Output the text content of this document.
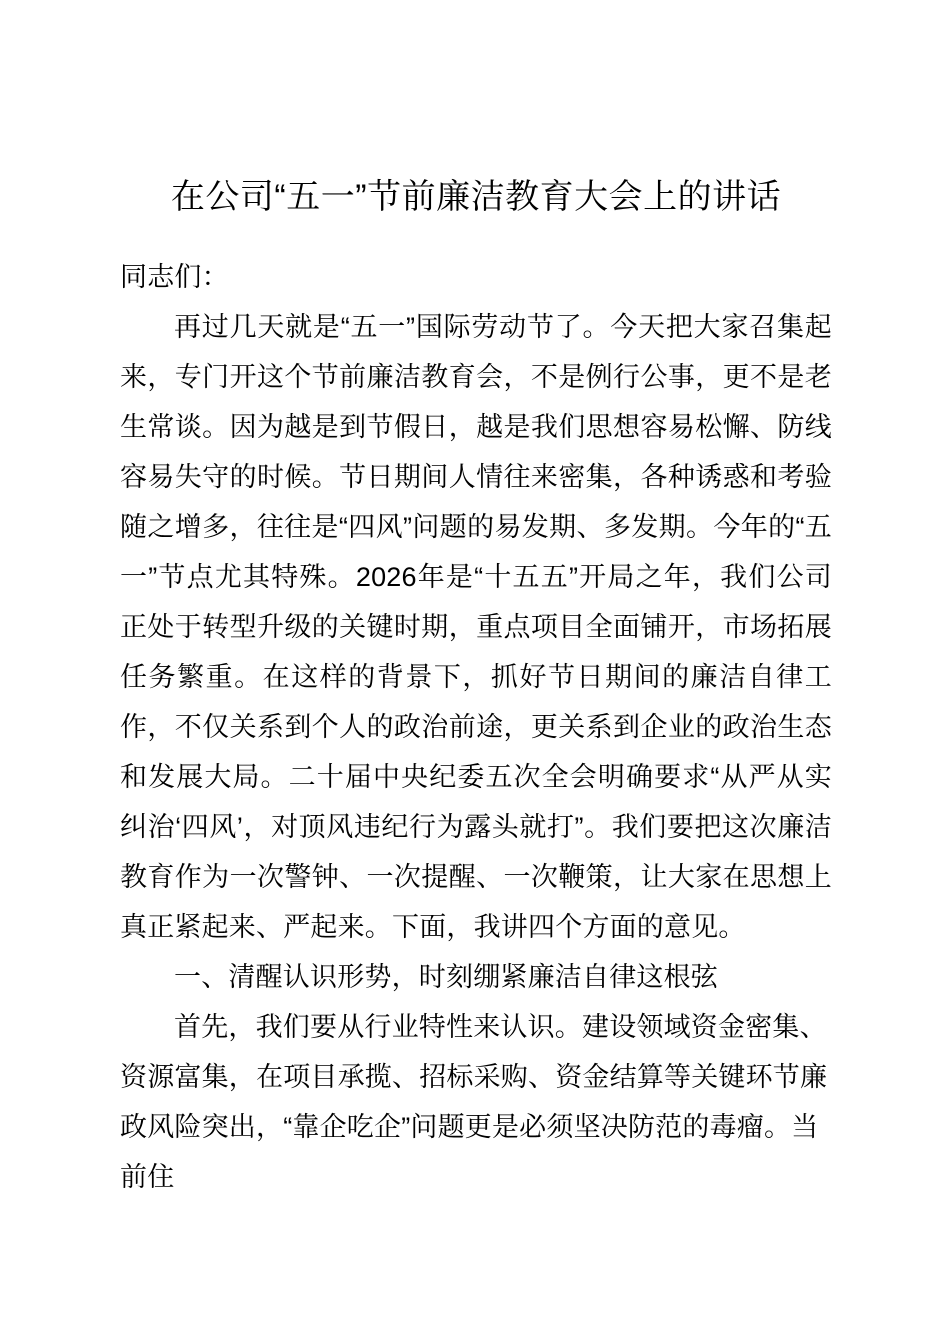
在公司“五一”节前廉洁教育大会上的讲话

同志们：

再过几天就是“五一”国际劳动节了。今天把大家召集起来，专门开这个节前廉洁教育会，不是例行公事，更不是老生常谈。因为越是到节假日，越是我们思想容易松懈、防线容易失守的时候。节日期间人情往来密集，各种诱惑和考验随之增多，往往是“四风”问题的易发期、多发期。今年的“五一”节点尤其特殊。2026年是“十五五”开局之年，我们公司正处于转型升级的关键时期，重点项目全面铺开，市场拓展任务繁重。在这样的背景下，抓好节日期间的廉洁自律工作，不仅关系到个人的政治前途，更关系到企业的政治生态和发展大局。二十届中央纪委五次全会明确要求“从严从实纠治‘四风’，对顶风违纪行为露头就打”。我们要把这次廉洁教育作为一次警钟、一次提醒、一次鞭策，让大家在思想上真正紧起来、严起来。下面，我讲四个方面的意见。

一、清醒认识形势，时刻绷紧廉洁自律这根弦

首先，我们要从行业特性来认识。建设领域资金密集、资源富集，在项目承揽、招标采购、资金结算等关键环节廉政风险突出，“靠企吃企”问题更是必须坚决防范的毒瘤。当前住
